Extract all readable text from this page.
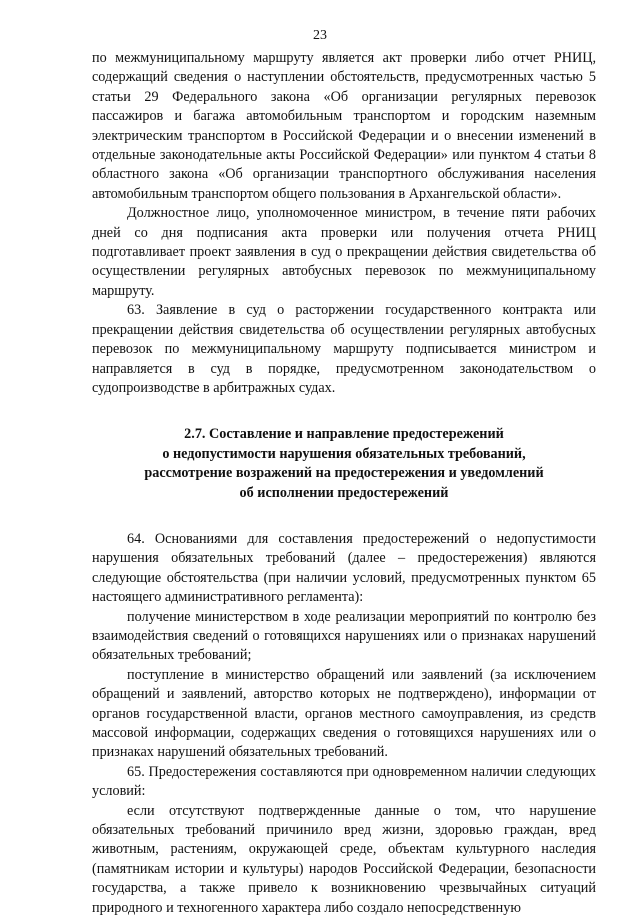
23

по межмуниципальному маршруту является акт проверки либо отчет РНИЦ, содержащий сведения о наступлении обстоятельств, предусмотренных частью 5 статьи 29 Федерального закона «Об организации регулярных перевозок пассажиров и багажа автомобильным транспортом и городским наземным электрическим транспортом в Российской Федерации и о внесении изменений в отдельные законодательные акты Российской Федерации» или пунктом 4 статьи 8 областного закона «Об организации транспортного обслуживания населения автомобильным транспортом общего пользования в Архангельской области».

Должностное лицо, уполномоченное министром, в течение пяти рабочих дней со дня подписания акта проверки или получения отчета РНИЦ подготавливает проект заявления в суд о прекращении действия свидетельства об осуществлении регулярных автобусных перевозок по межмуниципальному маршруту.

63. Заявление в суд о расторжении государственного контракта или прекращении действия свидетельства об осуществлении регулярных автобусных перевозок по межмуниципальному маршруту подписывается министром и направляется в суд в порядке, предусмотренном законодательством о судопроизводстве в арбитражных судах.

2.7. Составление и направление предостережений
о недопустимости нарушения обязательных требований,
рассмотрение возражений на предостережения и уведомлений
об исполнении предостережений

64. Основаниями для составления предостережений о недопустимости нарушения обязательных требований (далее – предостережения) являются следующие обстоятельства (при наличии условий, предусмотренных пунктом 65 настоящего административного регламента):

получение министерством в ходе реализации мероприятий по контролю без взаимодействия сведений о готовящихся нарушениях или о признаках нарушений обязательных требований;

поступление в министерство обращений или заявлений (за исключением обращений и заявлений, авторство которых не подтверждено), информации от органов государственной власти, органов местного самоуправления, из средств массовой информации, содержащих сведения о готовящихся нарушениях или о признаках нарушений обязательных требований.

65. Предостережения составляются при одновременном наличии следующих условий:

если отсутствуют подтвержденные данные о том, что нарушение обязательных требований причинило вред жизни, здоровью граждан, вред животным, растениям, окружающей среде, объектам культурного наследия (памятникам истории и культуры) народов Российской Федерации, безопасности государства, а также привело к возникновению чрезвычайных ситуаций природного и техногенного характера либо создало непосредственную
